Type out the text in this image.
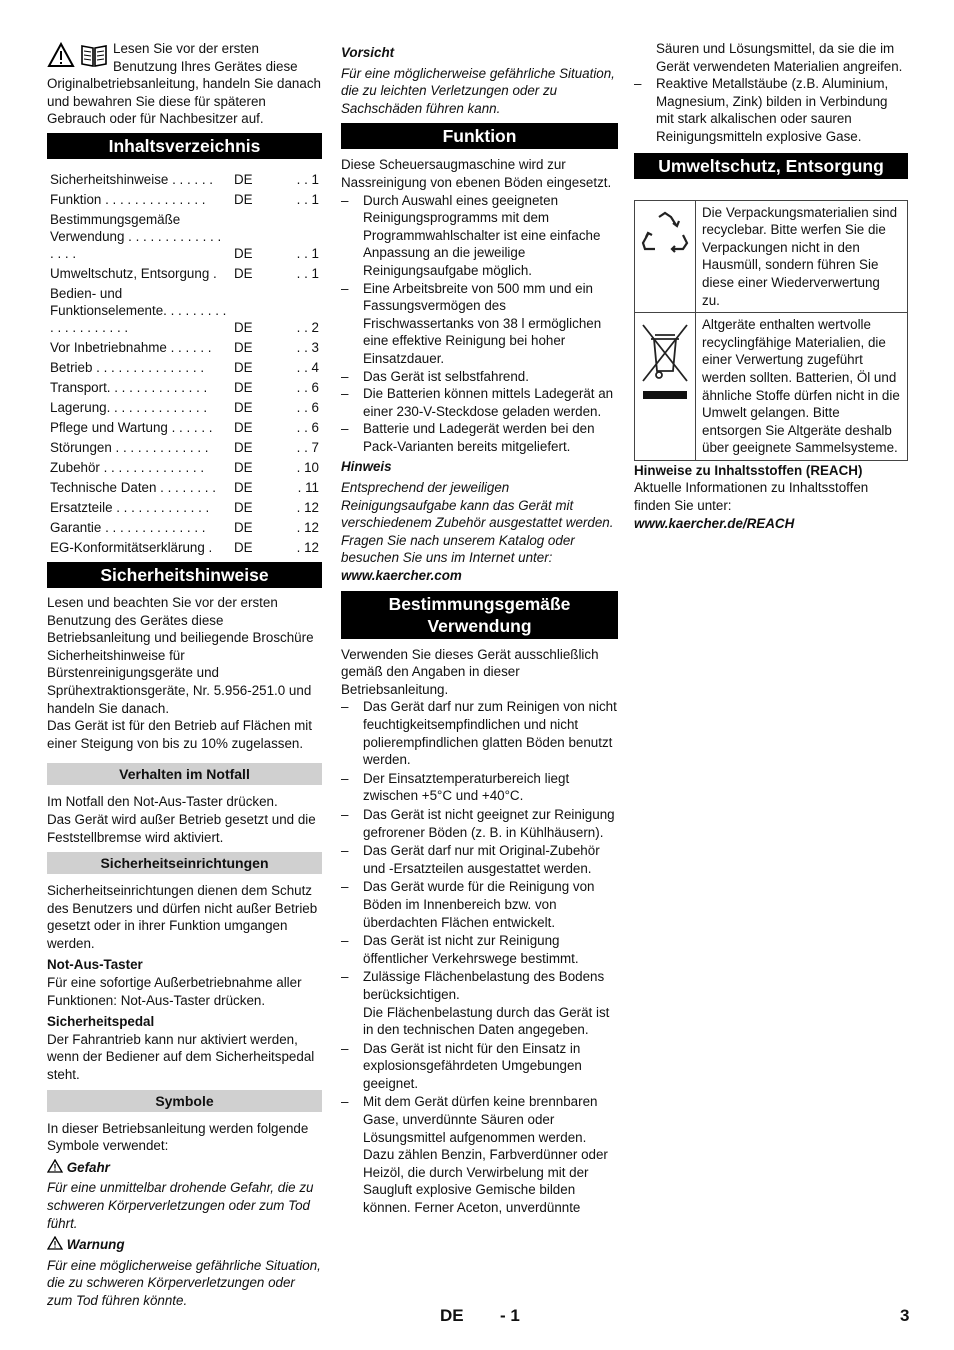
Lesen Sie vor der ersten Benutzung Ihres Gerätes diese Originalbetriebsanleitung, handeln Sie danach und bewahren Sie diese für späteren Gebrauch oder für Nachbesitzer auf.

Inhaltsverzeichnis
Sicherheitshinweise . . . . . .	DE	. . 1
Funktion . . . . . . . . . . . . . .	DE	. . 1
Bestimmungsgemäße Verwendung . . . . . . . . . . . . . . . . .	DE	. . 1
Umweltschutz, Entsorgung .	DE	. . 1
Bedien- und Funktionselemente. . . . . . . . . . . . . . . . . . . .	DE	. . 2
Vor Inbetriebnahme . . . . . .	DE	. . 3
Betrieb . . . . . . . . . . . . . . .	DE	. . 4
Transport. . . . . . . . . . . . . .	DE	. . 6
Lagerung. . . . . . . . . . . . . .	DE	. . 6
Pflege und Wartung . . . . . .	DE	. . 6
Störungen . . . . . . . . . . . . .	DE	. . 7
Zubehör . . . . . . . . . . . . . .	DE	. 10
Technische Daten . . . . . . . .	DE	. 11
Ersatzteile . . . . . . . . . . . . .	DE	. 12
Garantie . . . . . . . . . . . . . .	DE	. 12
EG-Konformitätserklärung .	DE	. 12
Sicherheitshinweise

Lesen und beachten Sie vor der ersten Benutzung des Gerätes diese Betriebsanleitung und beiliegende Broschüre Sicherheitshinweise für Bürstenreinigungsgeräte und Sprühextraktionsgeräte, Nr. 5.956-251.0 und handeln Sie danach.

Das Gerät ist für den Betrieb auf Flächen mit einer Steigung von bis zu 10% zugelassen.

Verhalten im Notfall

Im Notfall den Not-Aus-Taster drücken.

Das Gerät wird außer Betrieb gesetzt und die Feststellbremse wird aktiviert.

Sicherheitseinrichtungen

Sicherheitseinrichtungen dienen dem Schutz des Benutzers und dürfen nicht außer Betrieb gesetzt oder in ihrer Funktion umgangen werden.

Not-Aus-Taster

Für eine sofortige Außerbetriebnahme aller Funktionen: Not-Aus-Taster drücken.

Sicherheitspedal

Der Fahrantrieb kann nur aktiviert werden, wenn der Bediener auf dem Sicherheitspedal steht.

Symbole

In dieser Betriebsanleitung werden folgende Symbole verwendet:

Gefahr

Für eine unmittelbar drohende Gefahr, die zu schweren Körperverletzungen oder zum Tod führt.

Warnung

Für eine möglicherweise gefährliche Situation, die zu schweren Körperverletzungen oder zum Tod führen könnte.

Vorsicht

Für eine möglicherweise gefährliche Situation, die zu leichten Verletzungen oder zu Sachschäden führen kann.

Funktion

Diese Scheuersaugmaschine wird zur Nassreinigung von ebenen Böden eingesetzt.

– Durch Auswahl eines geeigneten Reinigungsprogramms mit dem Programmwahlschalter ist eine einfache Anpassung an die jeweilige Reinigungsaufgabe möglich.
– Eine Arbeitsbreite von 500 mm und ein Fassungsvermögen des Frischwassertanks von 38 l ermöglichen eine effektive Reinigung bei hoher Einsatzdauer.
– Das Gerät ist selbstfahrend.
– Die Batterien können mittels Ladegerät an einer 230-V-Steckdose geladen werden.
– Batterie und Ladegerät werden bei den Pack-Varianten bereits mitgeliefert.

Hinweis

Entsprechend der jeweiligen Reinigungsaufgabe kann das Gerät mit verschiedenem Zubehör ausgestattet werden.

Fragen Sie nach unserem Katalog oder besuchen Sie uns im Internet unter:

www.kaercher.com

Bestimmungsgemäße Verwendung

Verwenden Sie dieses Gerät ausschließlich gemäß den Angaben in dieser Betriebsanleitung.

– Das Gerät darf nur zum Reinigen von nicht feuchtigkeitsempfindlichen und nicht polierempfindlichen glatten Böden benutzt werden.
– Der Einsatztemperaturbereich liegt zwischen +5°C und +40°C.
– Das Gerät ist nicht geeignet zur Reinigung gefrorener Böden (z. B. in Kühlhäusern).
– Das Gerät darf nur mit Original-Zubehör und -Ersatzteilen ausgestattet werden.
– Das Gerät wurde für die Reinigung von Böden im Innenbereich bzw. von überdachten Flächen entwickelt.
– Das Gerät ist nicht zur Reinigung öffentlicher Verkehrswege bestimmt.
– Zulässige Flächenbelastung des Bodens berücksichtigen.
Die Flächenbelastung durch das Gerät ist in den technischen Daten angegeben.
– Das Gerät ist nicht für den Einsatz in explosionsgefährdeten Umgebungen geeignet.
– Mit dem Gerät dürfen keine brennbaren Gase, unverdünnte Säuren oder Lösungsmittel aufgenommen werden.
Dazu zählen Benzin, Farbverdünner oder Heizöl, die durch Verwirbelung mit der Saugluft explosive Gemische bilden können. Ferner Aceton, unverdünnte

Säuren und Lösungsmittel, da sie die im Gerät verwendeten Materialien angreifen.

– Reaktive Metallstäube (z.B. Aluminium, Magnesium, Zink) bilden in Verbindung mit stark alkalischen oder sauren Reinigungsmitteln explosive Gase.
Umweltschutz, Entsorgung
	Die Verpackungsmaterialien sind recyclebar. Bitte werfen Sie die Verpackungen nicht in den Hausmüll, sondern führen Sie diese einer Wiederverwertung zu.
	Altgeräte enthalten wertvolle recyclingfähige Materialien, die einer Verwertung zugeführt werden sollten. Batterien, Öl und ähnliche Stoffe dürfen nicht in die Umwelt gelangen. Bitte entsorgen Sie Altgeräte deshalb über geeignete Sammelsysteme.

Hinweise zu Inhaltsstoffen (REACH)

Aktuelle Informationen zu Inhaltsstoffen finden Sie unter:

www.kaercher.de/REACH

DE - 1	3
